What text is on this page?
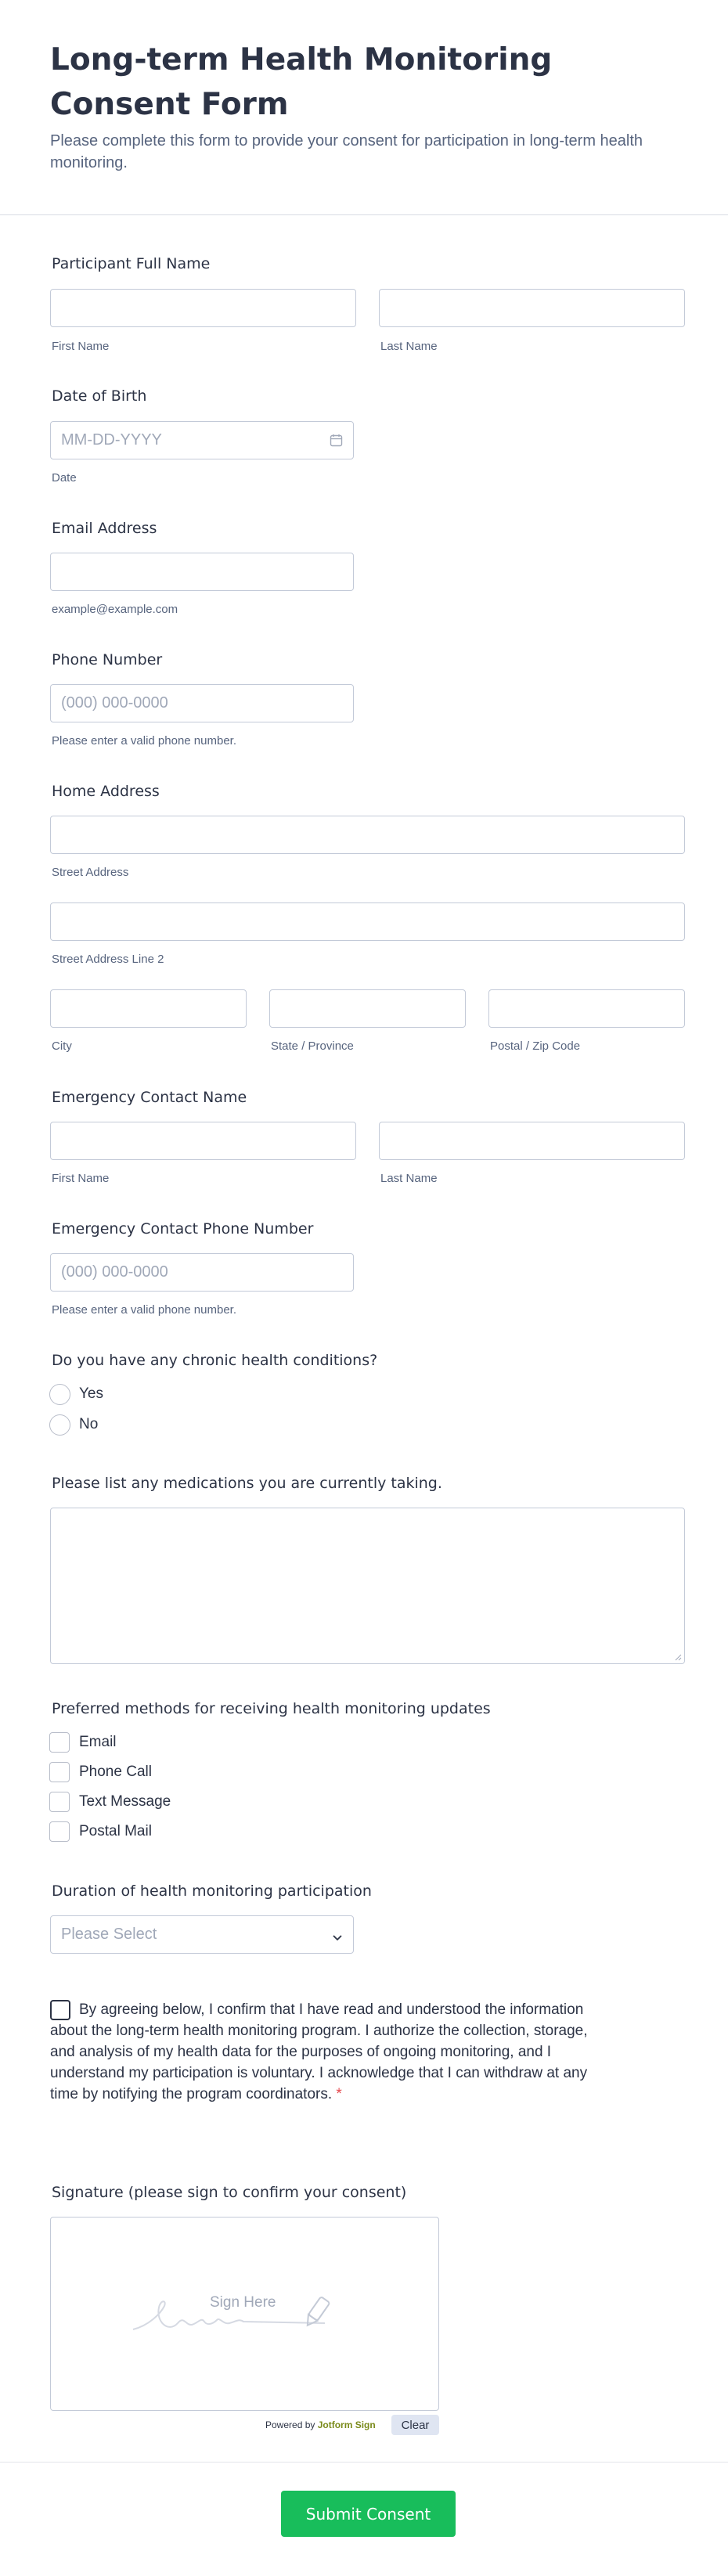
Long-term Health Monitoring Consent Form

Please complete this form to provide your consent for participation in long-term health monitoring.

Participant Full Name
First Name	Last Name
Date of Birth
MM-DD-YYYY
Date
Email Address
example@example.com
Phone Number
(000) 000-0000
Please enter a valid phone number.
Home Address
Street Address
Street Address Line 2
City	State / Province	Postal / Zip Code
Emergency Contact Name
First Name	Last Name
Emergency Contact Phone Number
(000) 000-0000
Please enter a valid phone number.
Do you have any chronic health conditions?
Yes
No
Please list any medications you are currently taking.
Preferred methods for receiving health monitoring updates
Email
Phone Call
Text Message
Postal Mail
Duration of health monitoring participation
Please Select
By agreeing below, I confirm that I have read and understood the information about the long-term health monitoring program. I authorize the collection, storage, and analysis of my health data for the purposes of ongoing monitoring, and I understand my participation is voluntary. I acknowledge that I can withdraw at any time by notifying the program coordinators. *
Signature (please sign to confirm your consent)
Sign Here
Powered by
Jotform Sign	Clear
Submit Consent
